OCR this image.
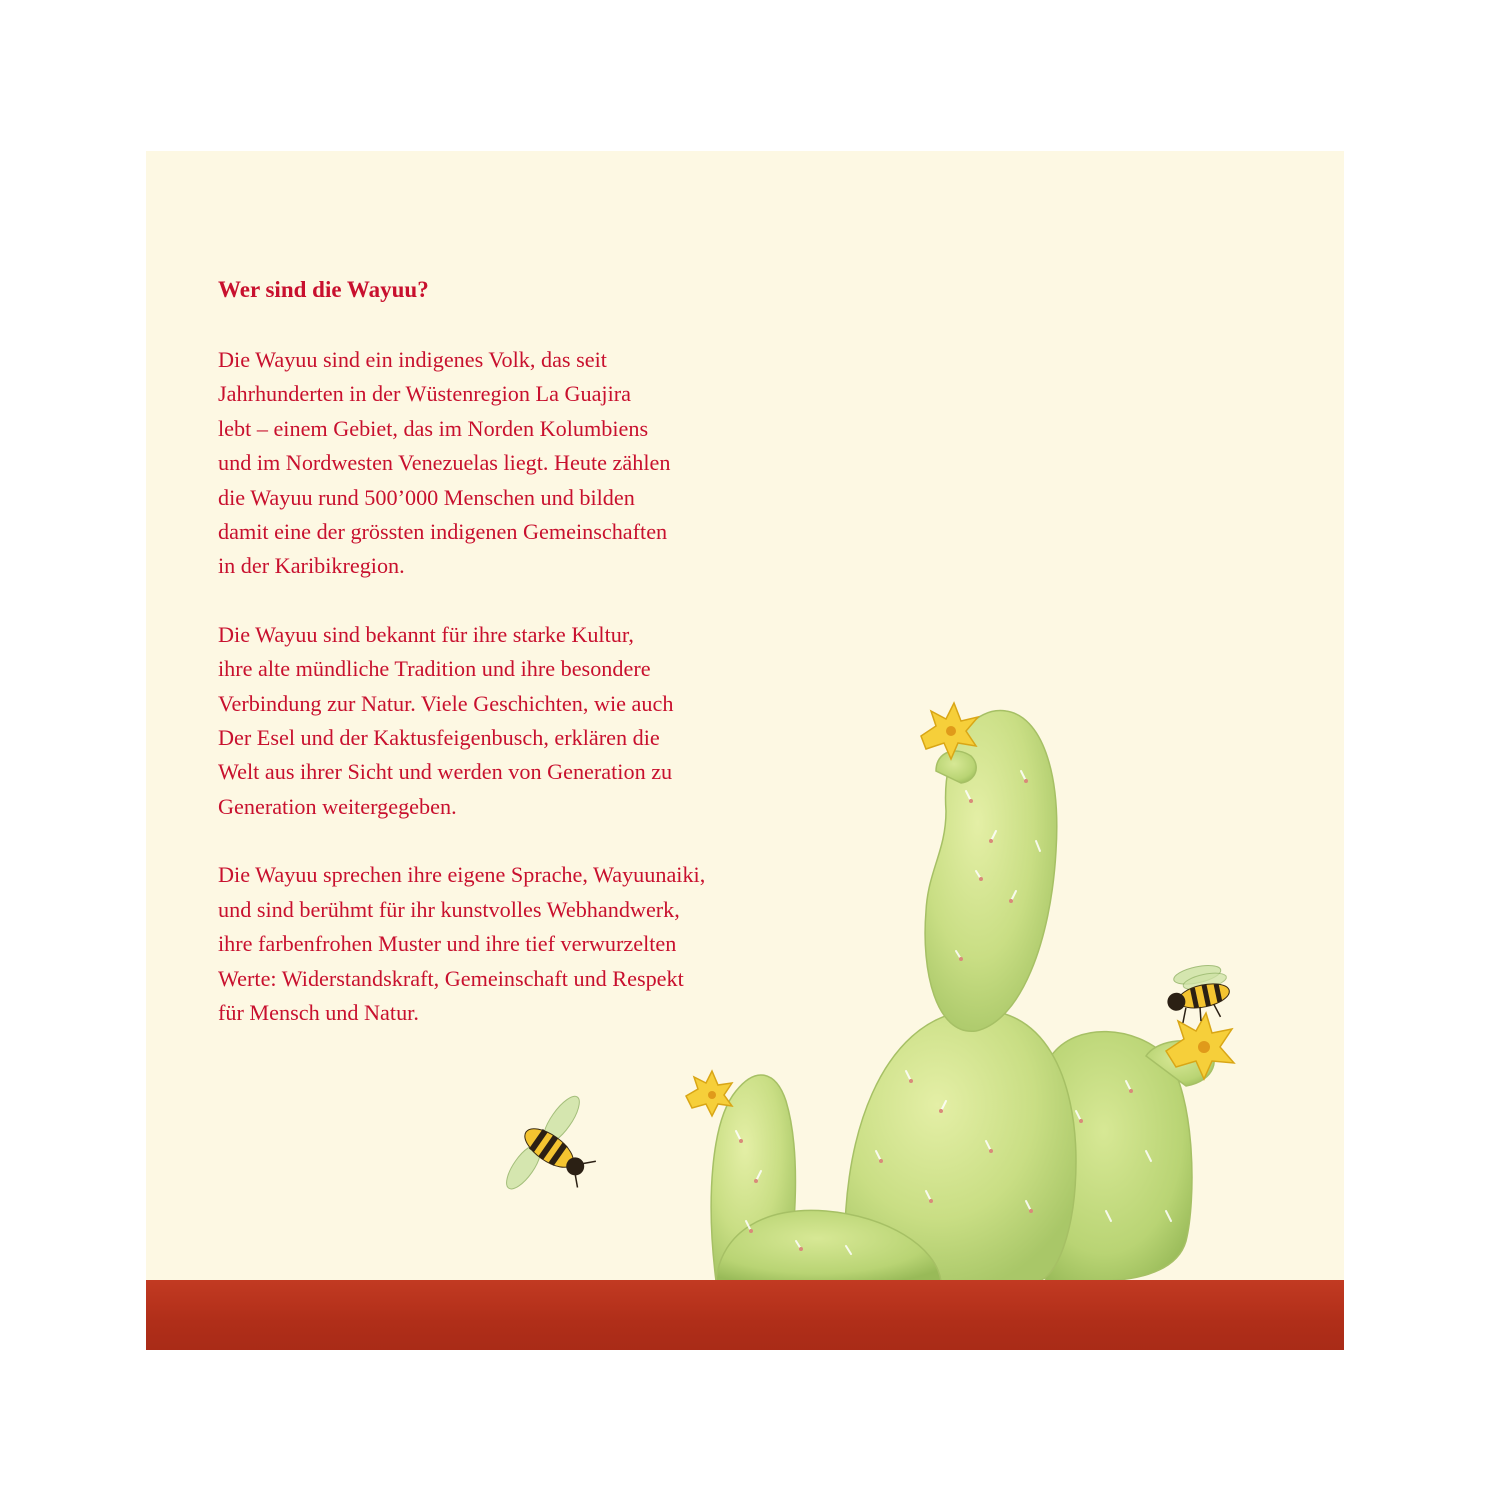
Wer sind die Wayuu?

Die Wayuu sind ein indigenes Volk, das seit
Jahrhunderten in der Wüstenregion La Guajira
lebt – einem Gebiet, das im Norden Kolumbiens
und im Nordwesten Venezuelas liegt. Heute zählen
die Wayuu rund 500’000 Menschen und bilden
damit eine der grössten indigenen Gemeinschaften
in der Karibikregion.

Die Wayuu sind bekannt für ihre starke Kultur,
ihre alte mündliche Tradition und ihre besondere
Verbindung zur Natur. Viele Geschichten, wie auch
Der Esel und der Kaktusfeigenbusch, erklären die
Welt aus ihrer Sicht und werden von Generation zu
Generation weitergegeben.

Die Wayuu sprechen ihre eigene Sprache, Wayuunaiki,
und sind berühmt für ihr kunstvolles Webhandwerk,
ihre farbenfrohen Muster und ihre tief verwurzelten
Werte: Widerstandskraft, Gemeinschaft und Respekt
für Mensch und Natur.
